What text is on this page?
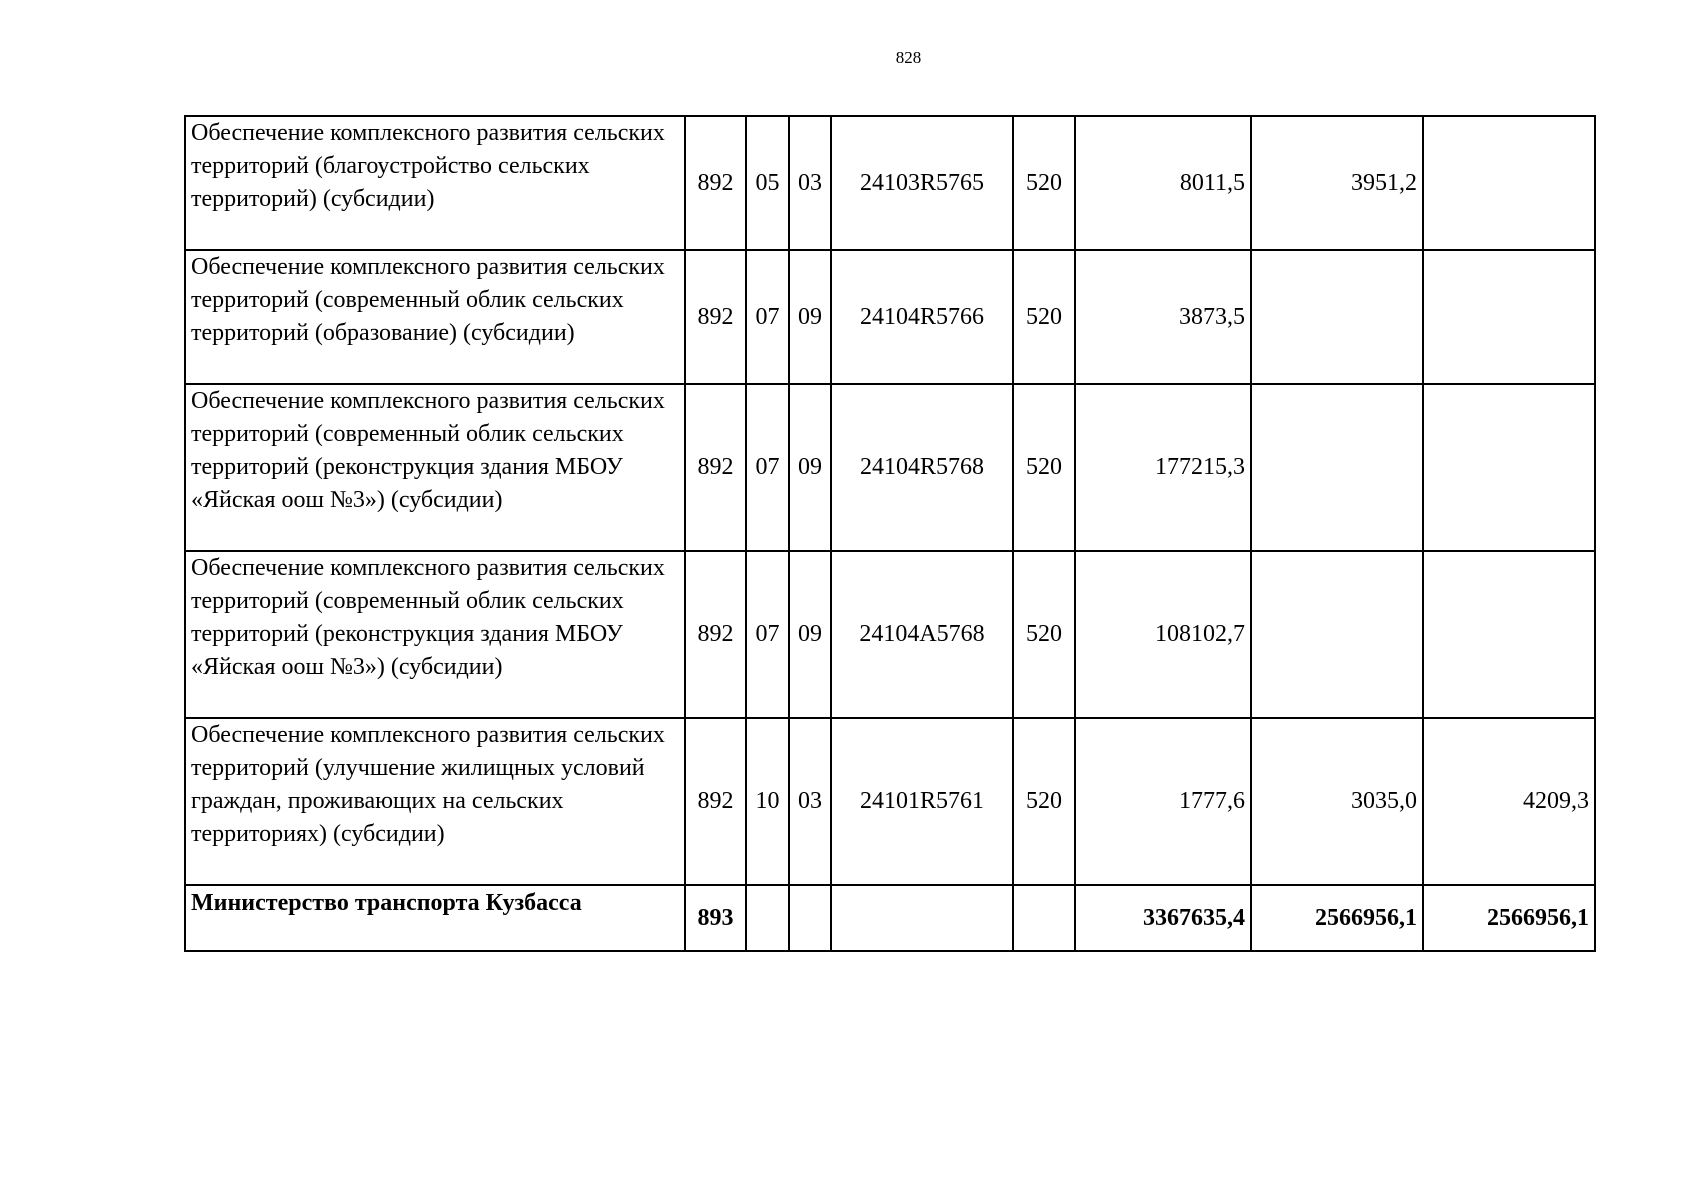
828
Обеспечение комплексного развития сельских территорий (благоустройство сельских территорий) (субсидии)	892	05	03	24103R5765	520	8011,5	3951,2	
Обеспечение комплексного развития сельских территорий (современный облик сельских территорий (образование) (субсидии)	892	07	09	24104R5766	520	3873,5		
Обеспечение комплексного развития сельских территорий (современный облик сельских территорий (реконструкция здания МБОУ «Яйская оош №3») (субсидии)	892	07	09	24104R5768	520	177215,3		
Обеспечение комплексного развития сельских территорий (современный облик сельских территорий (реконструкция здания МБОУ «Яйская оош №3») (субсидии)	892	07	09	24104A5768	520	108102,7		
Обеспечение комплексного развития сельских территорий (улучшение жилищных условий граждан, проживающих на сельских территориях) (субсидии)	892	10	03	24101R5761	520	1777,6	3035,0	4209,3
Министерство транспорта Кузбасса	893					3367635,4	2566956,1	2566956,1
